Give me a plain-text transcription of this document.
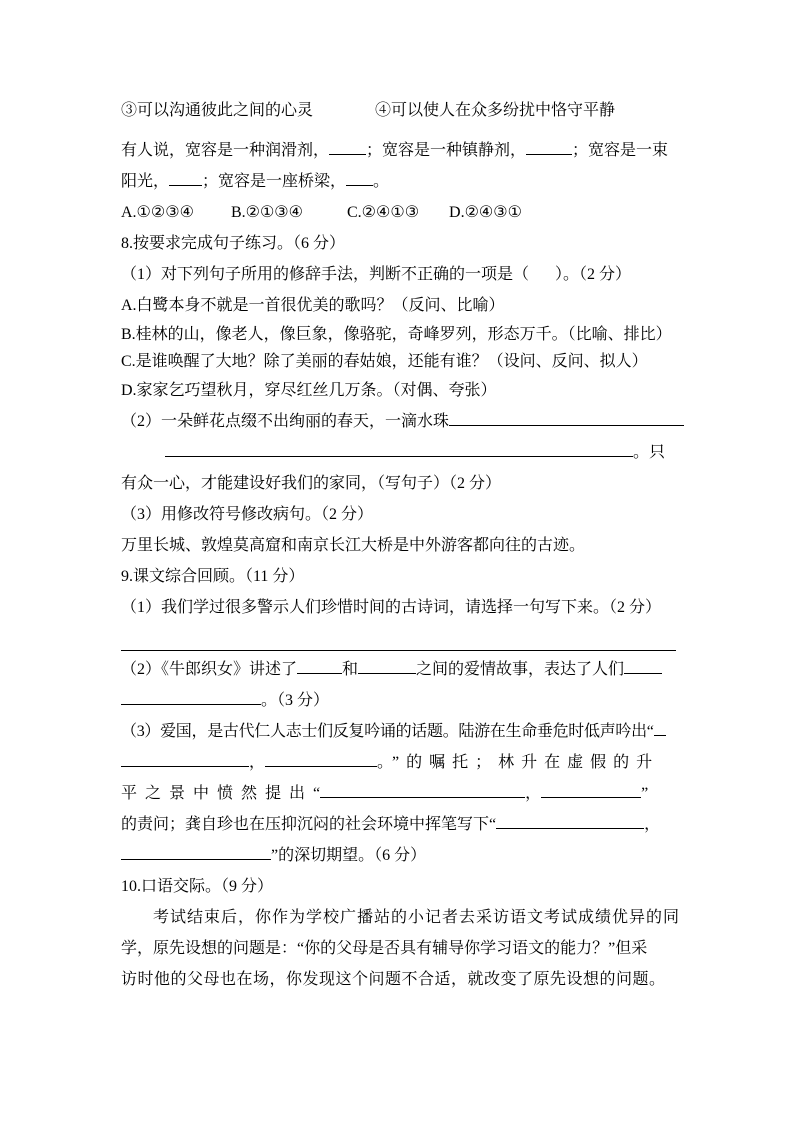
③可以沟通彼此之间的心灵	④可以使人在众多纷扰中恪守平静
有人说，宽容是一种润滑剂， ；宽容是一种镇静剂，	；宽容是一束
阳光， ；宽容是一座桥梁， 。
A.①②③④ B.②①③④	C.②④①③ D.②④③①
8.按要求完成句子练习。（6 分）
（1）对下列句子所用的修辞手法，判断不正确的一项是（ ）。（2 分）
A.白鹭本身不就是一首很优美的歌吗？（反问、比喻）
B.桂林的山，像老人，像巨象，像骆驼，奇峰罗列，形态万千。（比喻、排比）
C.是谁唤醒了大地？除了美丽的春姑娘，还能有谁？（设问、反问、拟人）
D.家家乞巧望秋月，穿尽红丝几万条。（对偶、夸张）
（2）一朵鲜花点缀不出绚丽的春天，一滴水珠
。只
有众一心，才能建设好我们的家同，（写句子）（2 分）
（3）用修改符号修改病句。（2 分）
万里长城、敦煌莫高窟和南京长江大桥是中外游客都向往的古迹。
9.课文综合回顾。（11 分）
（1）我们学过很多警示人们珍惜时间的古诗词，请选择一句写下来。（2 分）
（2）《牛郎织女》讲述了	和	之间的爱情故事，表达了人们
。（3 分）
（3）爱国，是古代仁人志士们反复吟诵的话题。陆游在生命垂危时低声吟出“
，	。”的嘱托；林升在虚假的升
平之景中愤然提出“	，	”
的责问；龚自珍也在压抑沉闷的社会环境中挥笔写下“	，
”的深切期望。（6 分）
10.口语交际。（9 分）
考试结束后，你作为学校广播站的小记者去采访语文考试成绩优异的同
学，原先设想的问题是：“你的父母是否具有辅导你学习语文的能力？”但采
访时他的父母也在场，你发现这个问题不合适，就改变了原先设想的问题。
